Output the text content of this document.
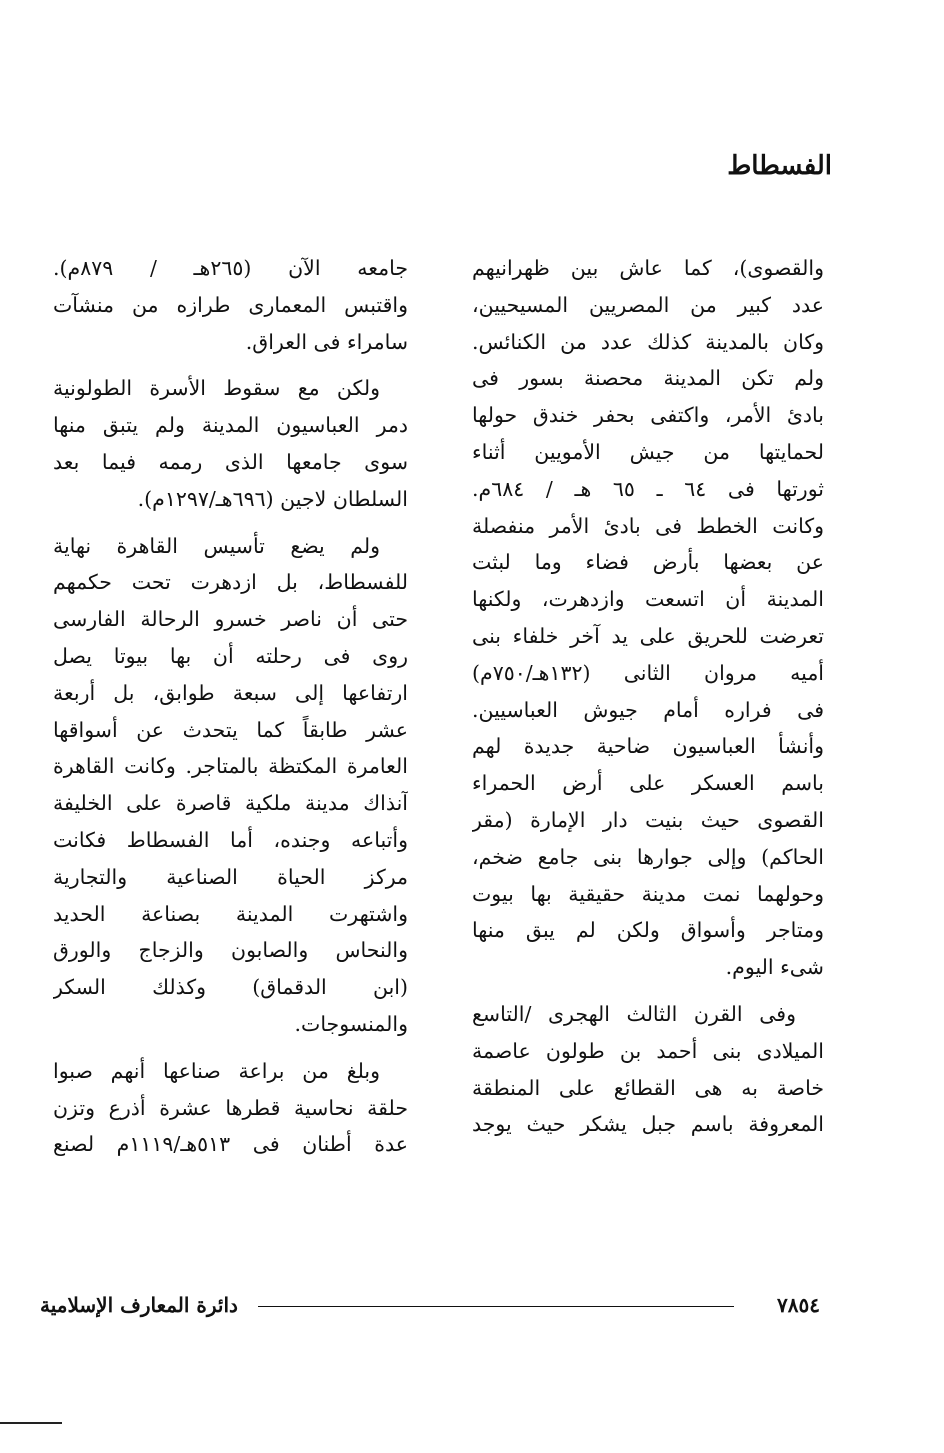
الفسطاط
والقصوى)، كما عاش بين ظهرانيهم
عدد كبير من المصريين المسيحيين،
وكان بالمدينة كذلك عدد من الكنائس.
ولم تكن المدينة محصنة بسور فى
بادئ الأمر، واكتفى بحفر خندق حولها
لحمايتها من جيش الأمويين أثناء
ثورتها فى ٦٤ ـ ٦٥ هـ / ٦٨٤م.
وكانت الخطط فى بادئ الأمر منفصلة
عن بعضها بأرض فضاء وما لبثت
المدينة أن اتسعت وازدهرت، ولكنها
تعرضت للحريق على يد آخر خلفاء بنى
أميه مروان الثانى (١٣٢هـ/٧٥٠م)
فى فراره أمام جيوش العباسيين.
وأنشأ العباسيون ضاحية جديدة لهم
باسم العسكر على أرض الحمراء
القصوى حيث بنيت دار الإمارة (مقر
الحاكم) وإلى جوارها بنى جامع ضخم،
وحولهما نمت مدينة حقيقية بها بيوت
ومتاجر وأسواق ولكن لم يبق منها
شىء اليوم.
وفى القرن الثالث الهجرى /التاسع
الميلادى بنى أحمد بن طولون عاصمة
خاصة به هى القطائع على المنطقة
المعروفة باسم جبل يشكر حيث يوجد
جامعه الآن (٢٦٥هـ / ٨٧٩م).
واقتبس المعمارى طرازه من منشآت
سامراء فى العراق.
ولكن مع سقوط الأسرة الطولونية
دمر العباسيون المدينة ولم يتبق منها
سوى جامعها الذى رممه فيما بعد
السلطان لاجين (٦٩٦هـ/١٢٩٧م).
ولم يضع تأسيس القاهرة نهاية
للفسطاط، بل ازدهرت تحت حكمهم
حتى أن ناصر خسرو الرحالة الفارسى
روى فى رحلته أن بها بيوتا يصل
ارتفاعها إلى سبعة طوابق، بل أربعة
عشر طابقاً كما يتحدث عن أسواقها
العامرة المكتظة بالمتاجر. وكانت القاهرة
آنذاك مدينة ملكية قاصرة على الخليفة
وأتباعه وجنده، أما الفسطاط فكانت
مركز الحياة الصناعية والتجارية
واشتهرت المدينة بصناعة الحديد
والنحاس والصابون والزجاج والورق
(ابن الدقماق) وكذلك السكر
والمنسوجات.
وبلغ من براعة صناعها أنهم صبوا
حلقة نحاسية قطرها عشرة أذرع وتزن
عدة أطنان فى ٥١٣هـ/١١١٩م لصنع
دائرة المعارف الإسلامية	٧٨٥٤
